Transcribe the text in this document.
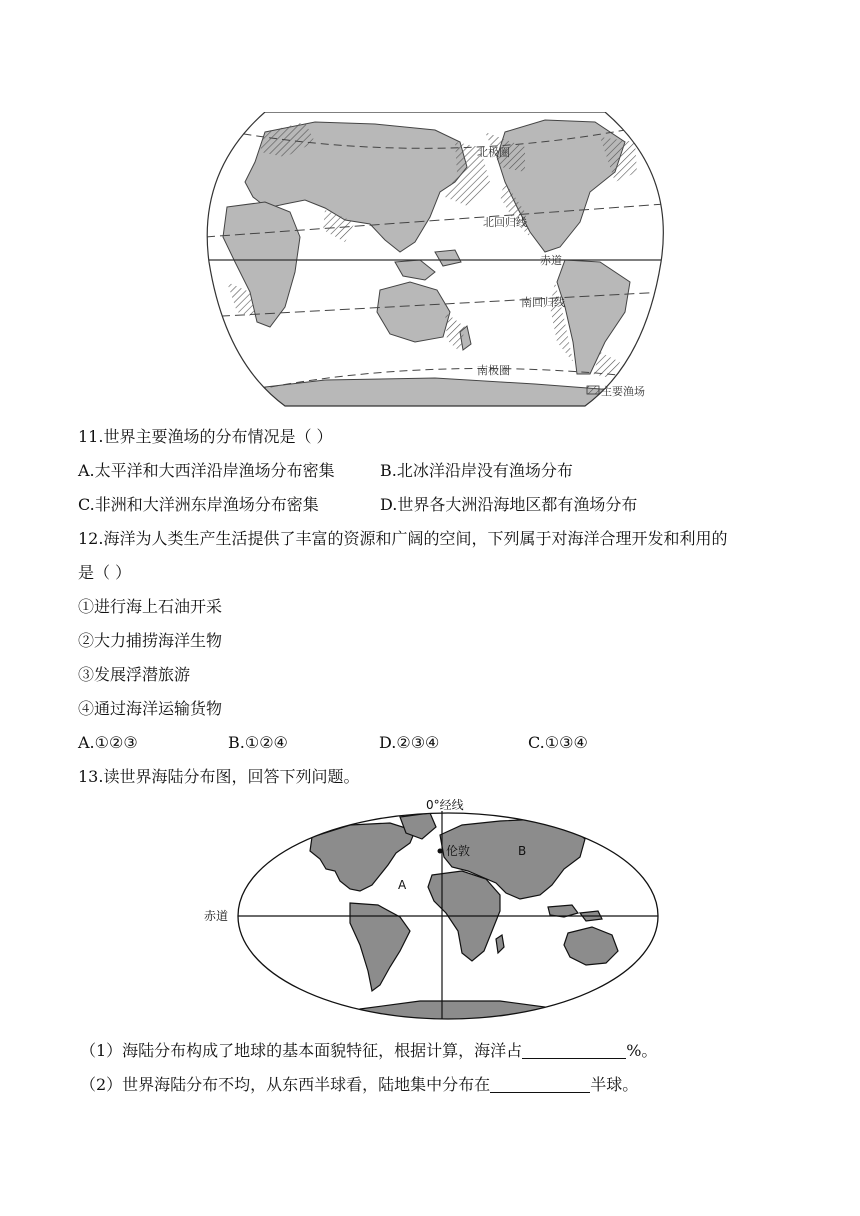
北极圈
北回归线
赤道
南回归线
南极圈
主要渔场
11.世界主要渔场的分布情况是（ ）
A.太平洋和大西洋沿岸渔场分布密集	B.北冰洋沿岸没有渔场分布
C.非洲和大洋洲东岸渔场分布密集	D.世界各大洲沿海地区都有渔场分布
12.海洋为人类生产生活提供了丰富的资源和广阔的空间，下列属于对海洋合理开发和利用的
是（ ）
①进行海上石油开采
②大力捕捞海洋生物
③发展浮潜旅游
④通过海洋运输货物
A.①②③	B.①②④	D.②③④	C.①③④
13.读世界海陆分布图，回答下列问题。
0°经线
赤道
伦敦
A
B
（1）海陆分布构成了地球的基本面貌特征，根据计算，海洋占	%。
（2）世界海陆分布不均，从东西半球看，陆地集中分布在	半球。
